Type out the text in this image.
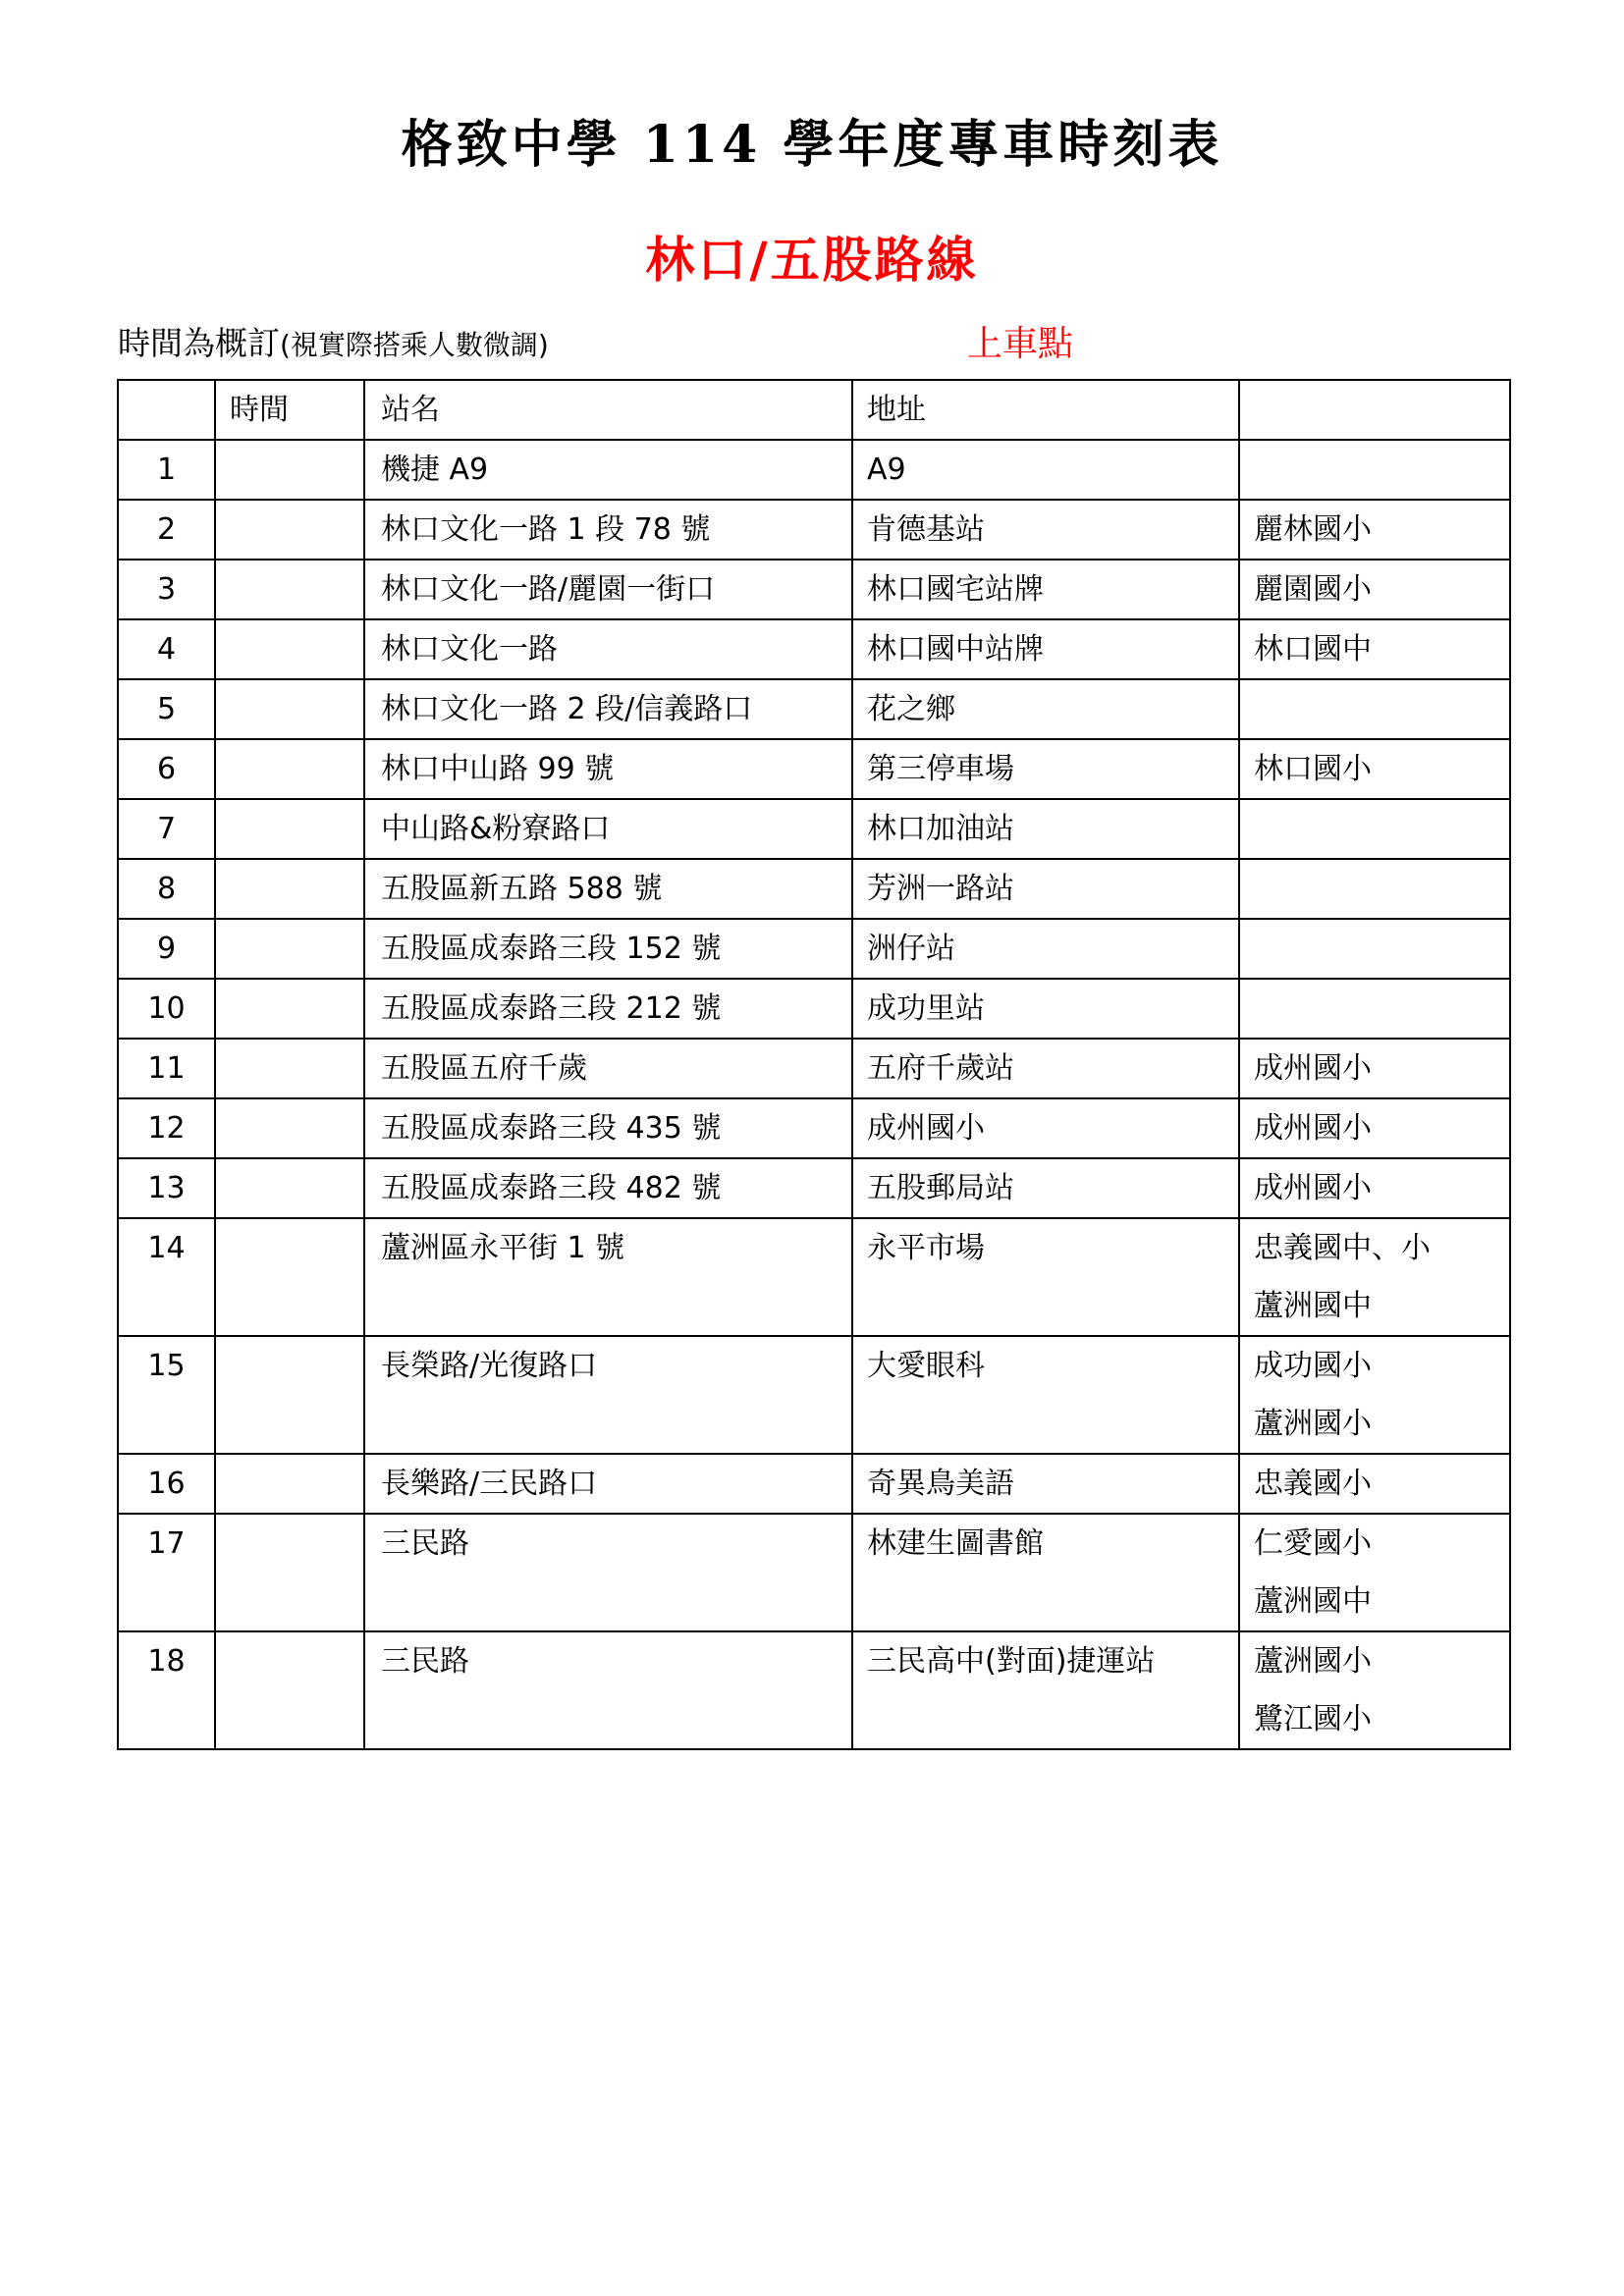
格致中學 114 學年度專車時刻表
林口/五股路線
時間為概訂(視實際搭乘人數微調)	上車點

	時間	站名	地址	

1		機捷 A9	A9	

2		林口文化一路 1 段 78 號	肯德基站	麗林國小

3		林口文化一路/麗園一街口	林口國宅站牌	麗園國小

4		林口文化一路	林口國中站牌	林口國中

5		林口文化一路 2 段/信義路口	花之鄉	

6		林口中山路 99 號	第三停車場	林口國小

7		中山路&粉寮路口	林口加油站	

8		五股區新五路 588 號	芳洲一路站	

9		五股區成泰路三段 152 號	洲仔站	

10		五股區成泰路三段 212 號	成功里站	

11		五股區五府千歲	五府千歲站	成州國小

12		五股區成泰路三段 435 號	成州國小	成州國小

13		五股區成泰路三段 482 號	五股郵局站	成州國小

14		蘆洲區永平街 1 號	永平市場	忠義國中、小
蘆洲國中

15		長榮路/光復路口	大愛眼科	成功國小
蘆洲國小

16		長樂路/三民路口	奇異鳥美語	忠義國小

17		三民路	林建生圖書館	仁愛國小
蘆洲國中

18		三民路	三民高中(對面)捷運站	蘆洲國小
鷺江國小
